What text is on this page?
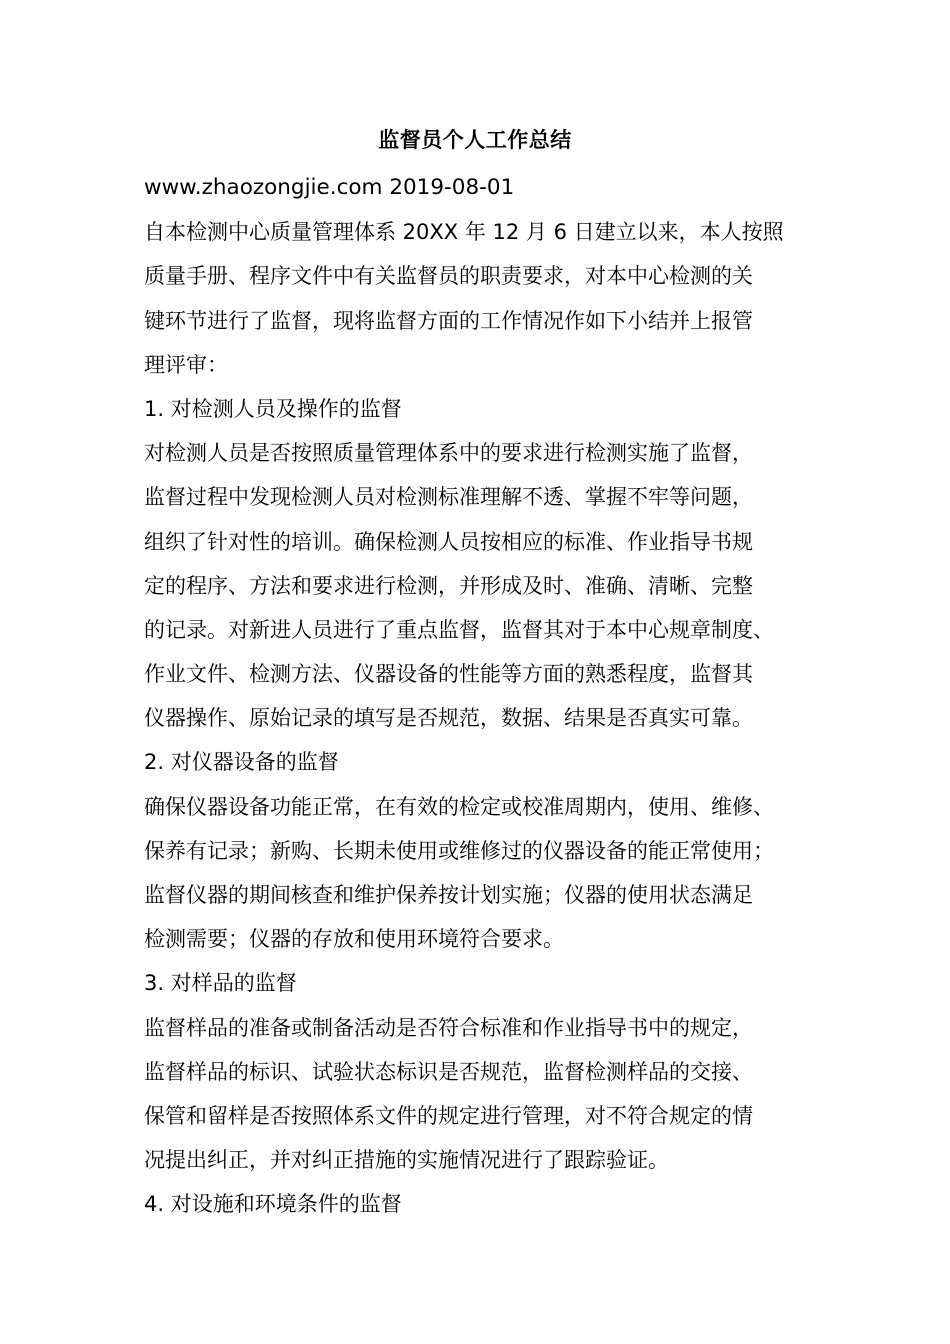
监督员个人工作总结
www.zhaozongjie.com 2019-08-01
自本检测中心质量管理体系 20XX 年 12 月 6 日建立以来，本人按照
质量手册、程序文件中有关监督员的职责要求，对本中心检测的关
键环节进行了监督，现将监督方面的工作情况作如下小结并上报管
理评审：
1. 对检测人员及操作的监督
对检测人员是否按照质量管理体系中的要求进行检测实施了监督，
监督过程中发现检测人员对检测标准理解不透、掌握不牢等问题，
组织了针对性的培训。确保检测人员按相应的标准、作业指导书规
定的程序、方法和要求进行检测，并形成及时、准确、清晰、完整
的记录。对新进人员进行了重点监督，监督其对于本中心规章制度、
作业文件、检测方法、仪器设备的性能等方面的熟悉程度，监督其
仪器操作、原始记录的填写是否规范，数据、结果是否真实可靠。
2. 对仪器设备的监督
确保仪器设备功能正常，在有效的检定或校准周期内，使用、维修、
保养有记录；新购、长期未使用或维修过的仪器设备的能正常使用；
监督仪器的期间核查和维护保养按计划实施；仪器的使用状态满足
检测需要；仪器的存放和使用环境符合要求。
3. 对样品的监督
监督样品的准备或制备活动是否符合标准和作业指导书中的规定，
监督样品的标识、试验状态标识是否规范，监督检测样品的交接、
保管和留样是否按照体系文件的规定进行管理，对不符合规定的情
况提出纠正，并对纠正措施的实施情况进行了跟踪验证。
4. 对设施和环境条件的监督
